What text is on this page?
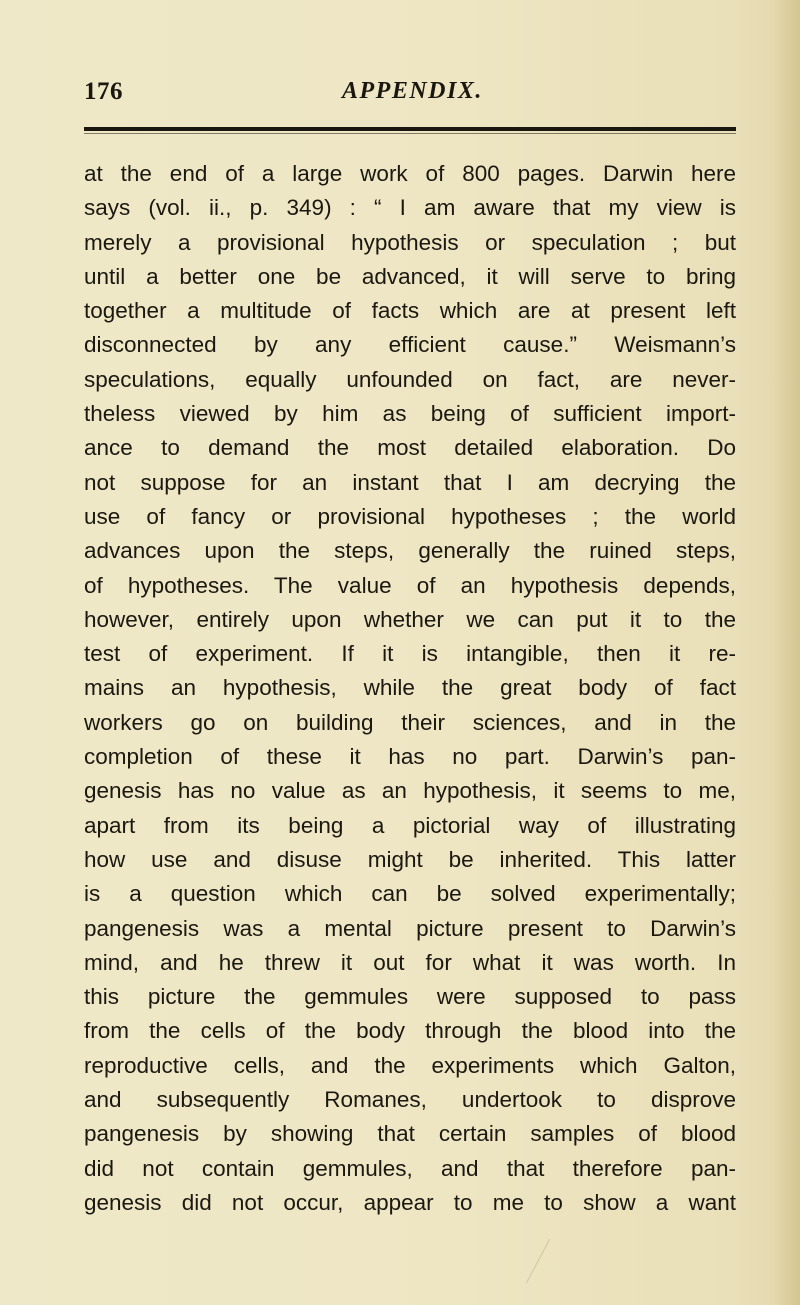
176	APPENDIX.
at the end of a large work of 800 pages. Darwin here
says (vol. ii., p. 349) : “ I am aware that my view is
merely a provisional hypothesis or speculation ; but
until a better one be advanced, it will serve to bring
together a multitude of facts which are at present left
disconnected by any efficient cause.” Weismann’s
speculations, equally unfounded on fact, are never-
theless viewed by him as being of sufficient import-
ance to demand the most detailed elaboration. Do
not suppose for an instant that I am decrying the
use of fancy or provisional hypotheses ; the world
advances upon the steps, generally the ruined steps,
of hypotheses. The value of an hypothesis depends,
however, entirely upon whether we can put it to the
test of experiment. If it is intangible, then it re-
mains an hypothesis, while the great body of fact
workers go on building their sciences, and in the
completion of these it has no part. Darwin’s pan-
genesis has no value as an hypothesis, it seems to me,
apart from its being a pictorial way of illustrating
how use and disuse might be inherited. This latter
is a question which can be solved experimentally;
pangenesis was a mental picture present to Darwin’s
mind, and he threw it out for what it was worth. In
this picture the gemmules were supposed to pass
from the cells of the body through the blood into the
reproductive cells, and the experiments which Galton,
and subsequently Romanes, undertook to disprove
pangenesis by showing that certain samples of blood
did not contain gemmules, and that therefore pan-
genesis did not occur, appear to me to show a want
